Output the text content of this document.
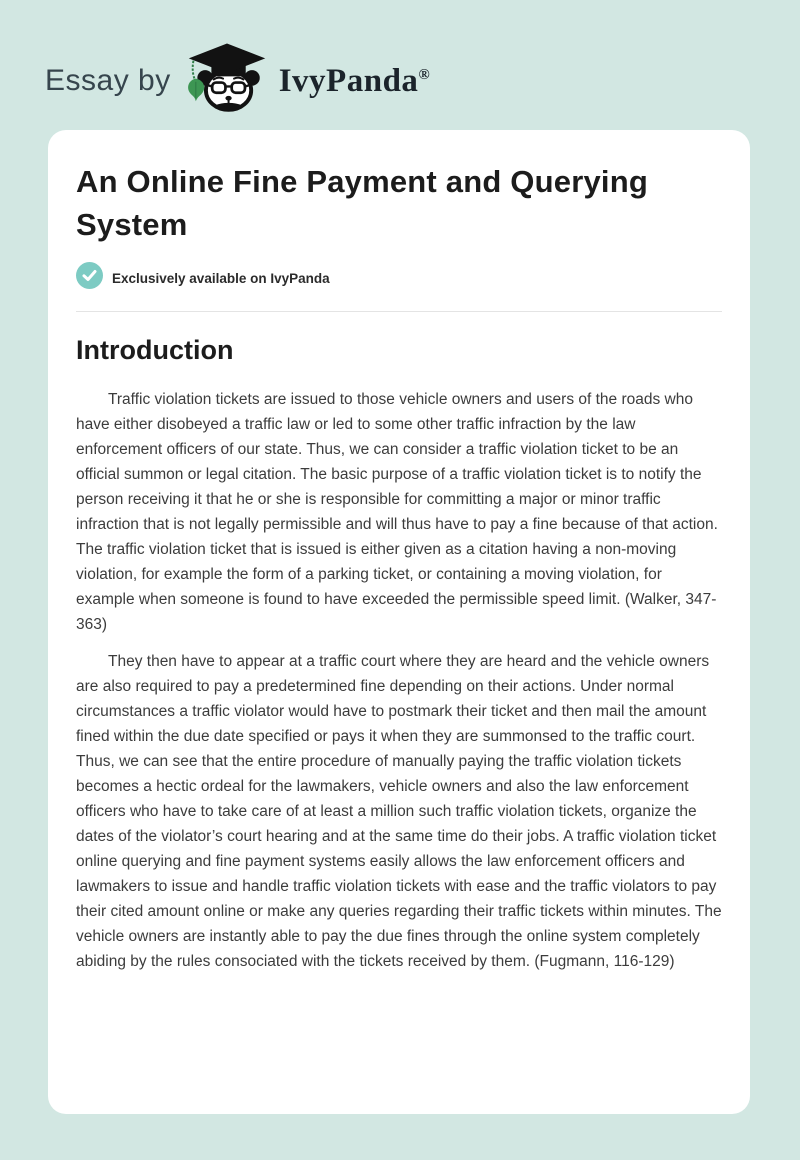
Essay by	IvyPanda®
An Online Fine Payment and Querying System
Exclusively available on IvyPanda
Introduction

Traffic violation tickets are issued to those vehicle owners and users of the roads who have either disobeyed a traffic law or led to some other traffic infraction by the law enforcement officers of our state. Thus, we can consider a traffic violation ticket to be an official summon or legal citation. The basic purpose of a traffic violation ticket is to notify the person receiving it that he or she is responsible for committing a major or minor traffic infraction that is not legally permissible and will thus have to pay a fine because of that action. The traffic violation ticket that is issued is either given as a citation having a non-moving violation, for example the form of a parking ticket, or containing a moving violation, for example when someone is found to have exceeded the permissible speed limit. (Walker, 347-363)

They then have to appear at a traffic court where they are heard and the vehicle owners are also required to pay a predetermined fine depending on their actions. Under normal circumstances a traffic violator would have to postmark their ticket and then mail the amount fined within the due date specified or pays it when they are summonsed to the traffic court. Thus, we can see that the entire procedure of manually paying the traffic violation tickets becomes a hectic ordeal for the lawmakers, vehicle owners and also the law enforcement officers who have to take care of at least a million such traffic violation tickets, organize the dates of the violator’s court hearing and at the same time do their jobs. A traffic violation ticket online querying and fine payment systems easily allows the law enforcement officers and lawmakers to issue and handle traffic violation tickets with ease and the traffic violators to pay their cited amount online or make any queries regarding their traffic tickets within minutes. The vehicle owners are instantly able to pay the due fines through the online system completely abiding by the rules consociated with the tickets received by them. (Fugmann, 116-129)
